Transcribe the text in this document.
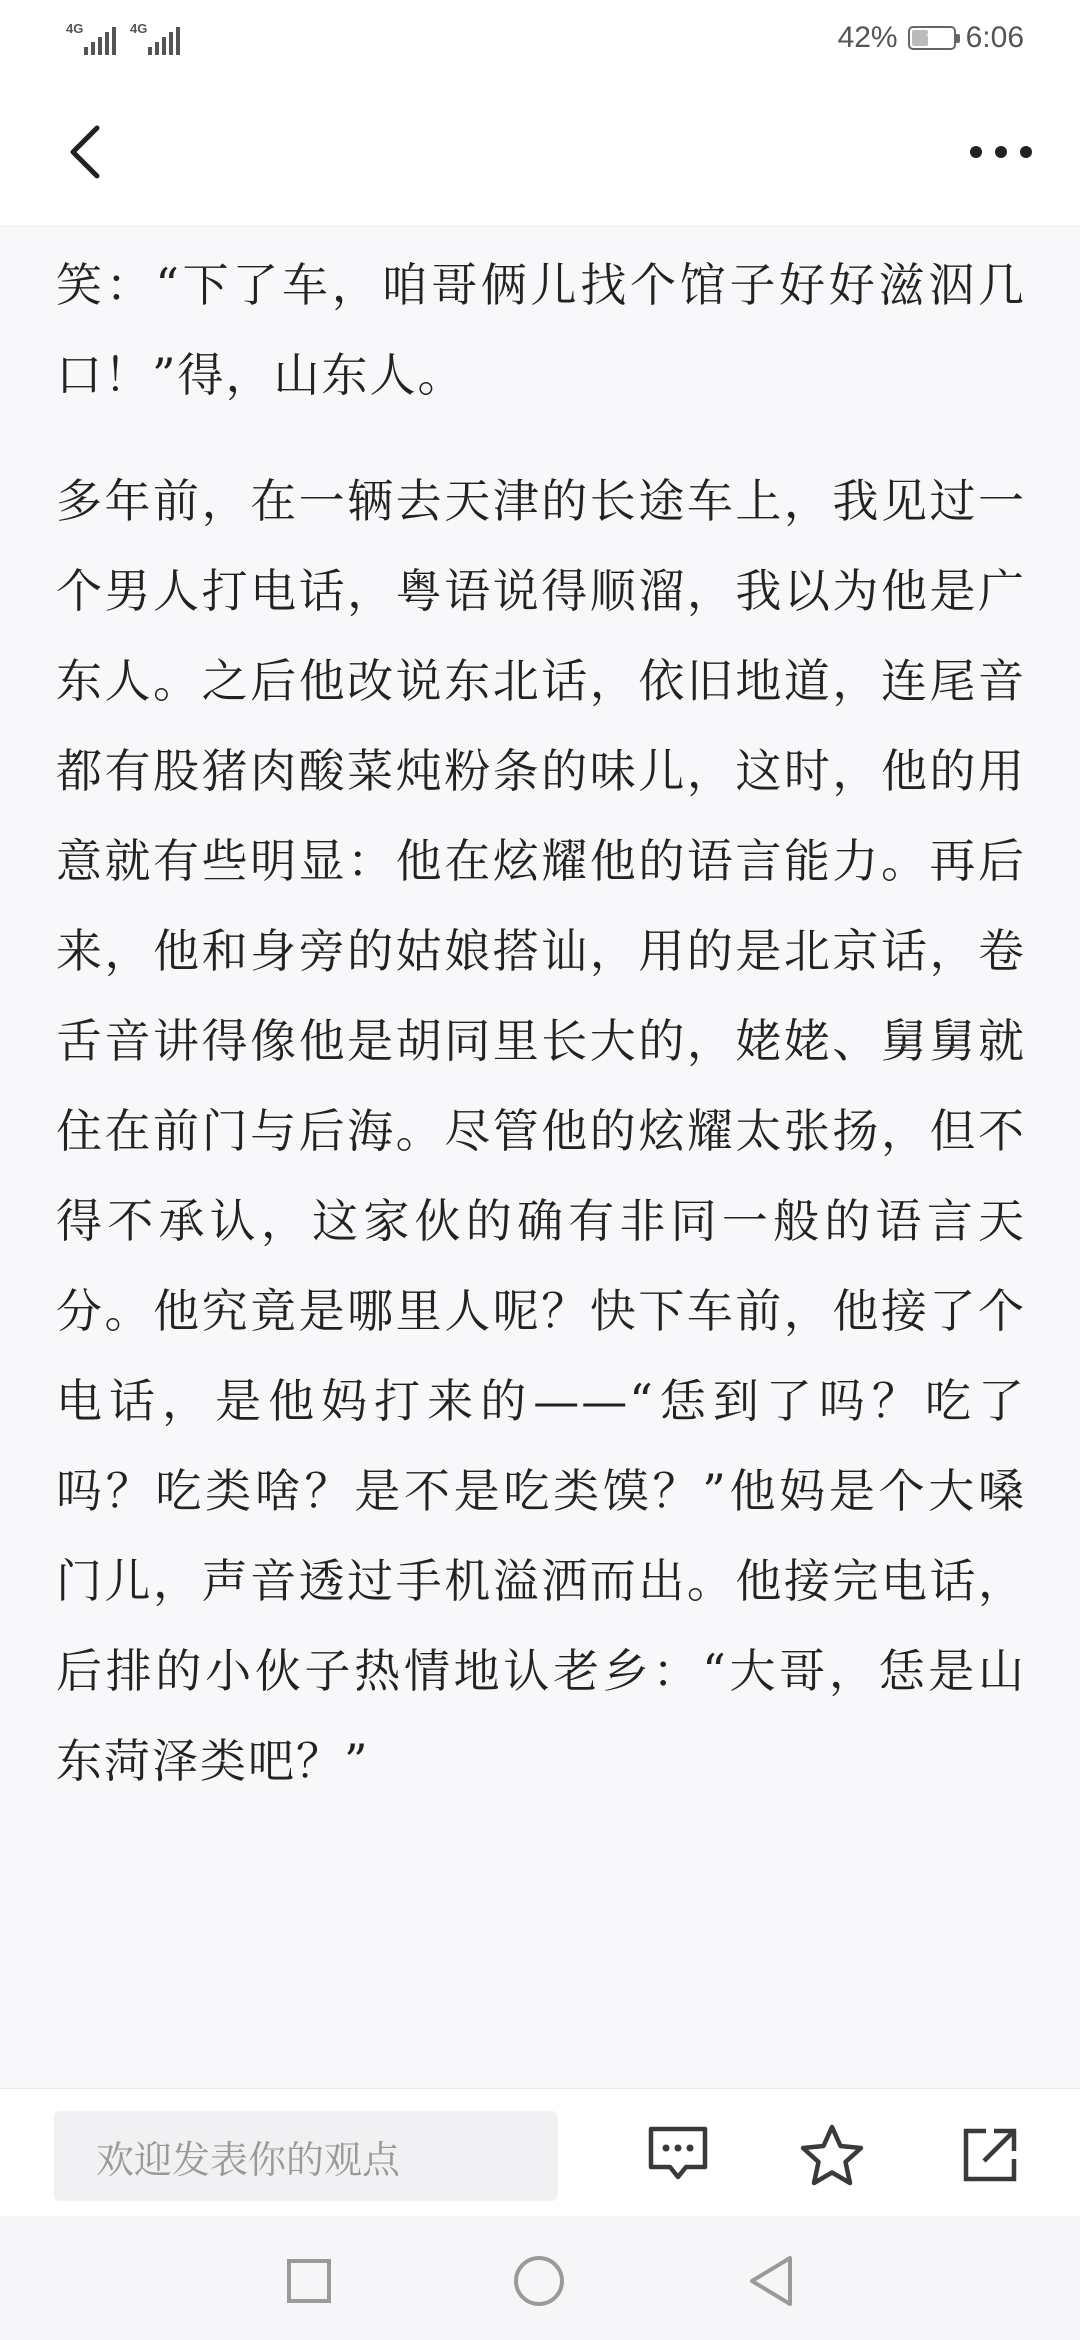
4G	4G	42% ❦ 6:06

笑：“下了车，咱哥俩儿找个馆子好好滋泅几口！”得，山东人。

多年前，在一辆去天津的长途车上，我见过一个男人打电话，粤语说得顺溜，我以为他是广东人。之后他改说东北话，依旧地道，连尾音都有股猪肉酸菜炖粉条的味儿，这时，他的用意就有些明显：他在炫耀他的语言能力。再后来，他和身旁的姑娘搭讪，用的是北京话，卷舌音讲得像他是胡同里长大的，姥姥、舅舅就住在前门与后海。尽管他的炫耀太张扬，但不得不承认，这家伙的确有非同一般的语言天分。他究竟是哪里人呢？快下车前，他接了个电话，是他妈打来的——“恁到了吗？吃了吗？吃类啥？是不是吃类馍？”他妈是个大嗓门儿，声音透过手机溢洒而出。他接完电话，后排的小伙子热情地认老乡：“大哥，恁是山东菏泽类吧？”

欢迎发表你的观点
